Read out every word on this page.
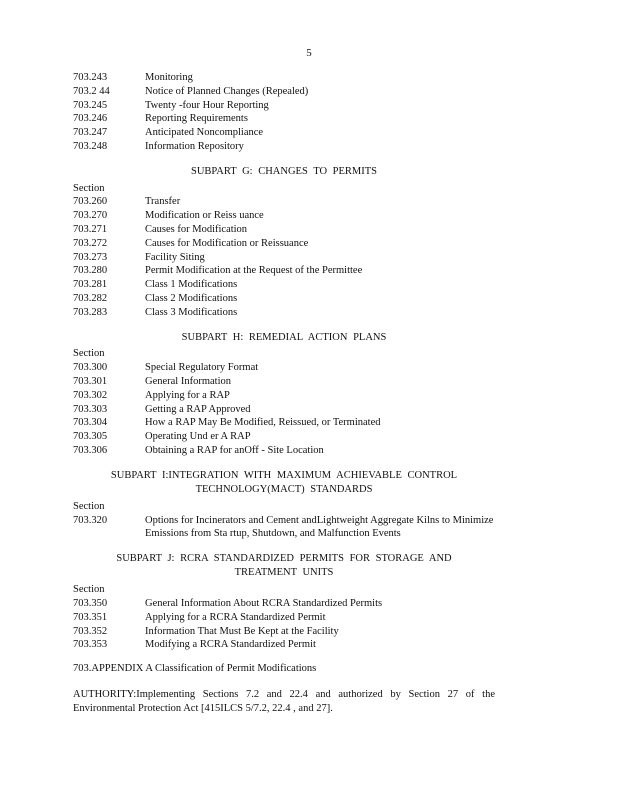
5
703.243	Monitoring
703.2 44	Notice of Planned Changes (Repealed)
703.245	Twenty -four Hour Reporting
703.246	Reporting Requirements
703.247	Anticipated Noncompliance
703.248	Information Repository
SUBPART G: CHANGES TO PERMITS
Section
703.260	Transfer
703.270	Modification or Reiss uance
703.271	Causes for Modification
703.272	Causes for Modification or Reissuance
703.273	Facility Siting
703.280	Permit Modification at the Request of the Permittee
703.281	Class 1 Modifications
703.282	Class 2 Modifications
703.283	Class 3 Modifications
SUBPART H: REMEDIAL ACTION PLANS
Section
703.300	Special Regulatory Format
703.301	General Information
703.302	Applying for a RAP
703.303	Getting a RAP Approved
703.304	How a RAP May Be Modified, Reissued, or Terminated
703.305	Operating Und er A RAP
703.306	Obtaining a RAP for anOff - Site Location
SUBPART I:INTEGRATION WITH MAXIMUM ACHIEVABLE CONTROL
TECHNOLOGY(MACT) STANDARDS
Section
703.320	Options for Incinerators and Cement andLightweight Aggregate Kilns to Minimize Emissions from Sta rtup, Shutdown, and Malfunction Events
SUBPART J: RCRA STANDARDIZED PERMITS FOR STORAGE AND
TREATMENT UNITS
Section
703.350	General Information About RCRA Standardized Permits
703.351	Applying for a RCRA Standardized Permit
703.352	Information That Must Be Kept at the Facility
703.353	Modifying a RCRA Standardized Permit
703.APPENDIX A Classification of Permit Modifications
AUTHORITY:Implementing Sections 7.2 and 22.4 and authorized by Section 27 of the Environmental Protection Act [415ILCS 5/7.2, 22.4 , and 27].
